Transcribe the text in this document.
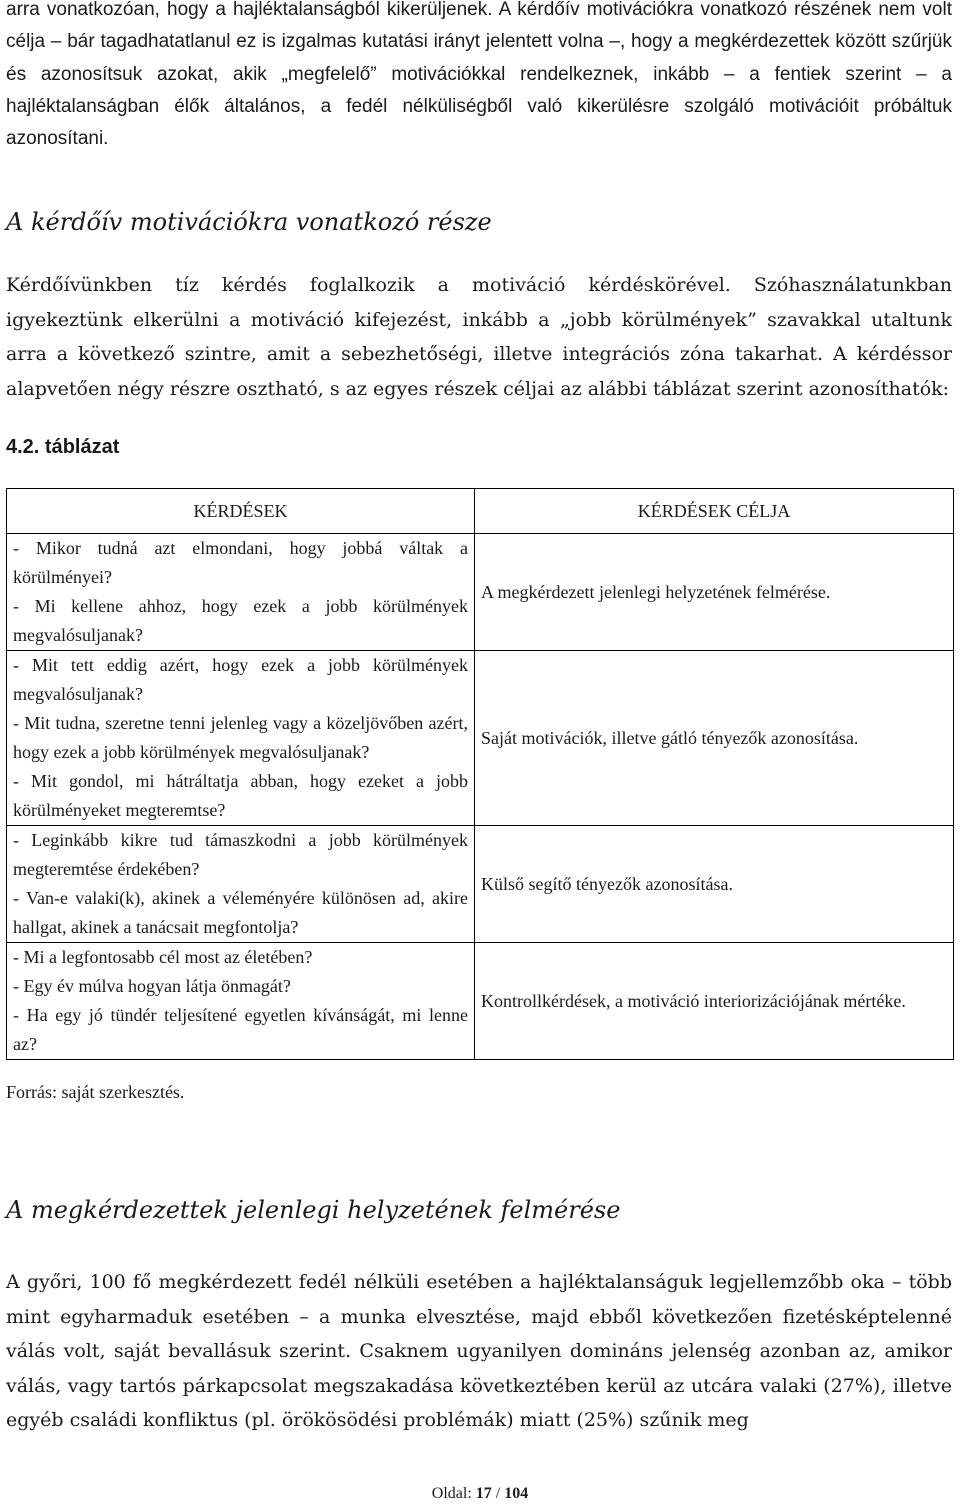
arra vonatkozóan, hogy a hajléktalanságból kikerüljenek. A kérdőív motivációkra vonatkozó részének nem volt célja – bár tagadhatatlanul ez is izgalmas kutatási irányt jelentett volna –, hogy a megkérdezettek között szűrjük és azonosítsuk azokat, akik „megfelelő” motivációkkal rendelkeznek, inkább – a fentiek szerint – a hajléktalanságban élők általános, a fedél nélküliségből való kikerülésre szolgáló motivációit próbáltuk azonosítani.

A kérdőív motivációkra vonatkozó része

Kérdőívünkben tíz kérdés foglalkozik a motiváció kérdéskörével. Szóhasználatunkban igyekeztünk elkerülni a motiváció kifejezést, inkább a „jobb körülmények” szavakkal utaltunk arra a következő szintre, amit a sebezhetőségi, illetve integrációs zóna takarhat. A kérdéssor alapvetően négy részre osztható, s az egyes részek céljai az alábbi táblázat szerint azonosíthatók:

4.2. táblázat

KÉRDÉSEK	KÉRDÉSEK CÉLJA

- Mikor tudná azt elmondani, hogy jobbá váltak a körülményei?
- Mi kellene ahhoz, hogy ezek a jobb körülmények megvalósuljanak?	A megkérdezett jelenlegi helyzetének felmérése.

- Mit tett eddig azért, hogy ezek a jobb körülmények megvalósuljanak?
- Mit tudna, szeretne tenni jelenleg vagy a közeljövőben azért, hogy ezek a jobb körülmények megvalósuljanak?
- Mit gondol, mi hátráltatja abban, hogy ezeket a jobb körülményeket megteremtse?	Saját motivációk, illetve gátló tényezők azonosítása.

- Leginkább kikre tud támaszkodni a jobb körülmények megteremtése érdekében?
- Van-e valaki(k), akinek a véleményére különösen ad, akire hallgat, akinek a tanácsait megfontolja?	Külső segítő tényezők azonosítása.

- Mi a legfontosabb cél most az életében?
- Egy év múlva hogyan látja önmagát?
- Ha egy jó tündér teljesítené egyetlen kívánságát, mi lenne az?	Kontrollkérdések, a motiváció interiorizációjának mértéke.

Forrás: saját szerkesztés.

A megkérdezettek jelenlegi helyzetének felmérése

A győri, 100 fő megkérdezett fedél nélküli esetében a hajléktalanságuk legjellemzőbb oka – több mint egyharmaduk esetében – a munka elvesztése, majd ebből következően fizetésképtelenné válás volt, saját bevallásuk szerint. Csaknem ugyanilyen domináns jelenség azonban az, amikor válás, vagy tartós párkapcsolat megszakadása következtében kerül az utcára valaki (27%), illetve egyéb családi konfliktus (pl. örökösödési problémák) miatt (25%) szűnik meg

Oldal: 17 / 104
